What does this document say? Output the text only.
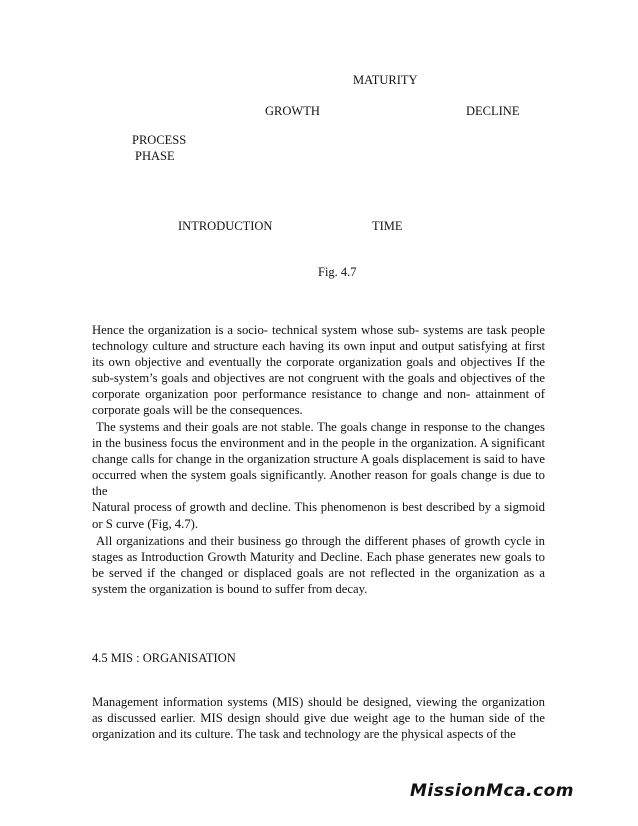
MATURITY
GROWTH	DECLINE
PROCESS
PHASE
INTRODUCTION	TIME
Fig. 4.7

Hence the organization is a socio- technical system whose sub- systems are task people technology culture and structure each having its own input and output satisfying at first its own objective and eventually the corporate organization goals and objectives If the sub-system’s goals and objectives are not congruent with the goals and objectives of the corporate organization poor performance resistance to change and non- attainment of corporate goals will be the consequences.

The systems and their goals are not stable. The goals change in response to the changes in the business focus the environment and in the people in the organization. A significant change calls for change in the organization structure A goals displacement is said to have occurred when the system goals significantly. Another reason for goals change is due to the
Natural process of growth and decline. This phenomenon is best described by a sigmoid or S curve (Fig, 4.7).

All organizations and their business go through the different phases of growth cycle in stages as Introduction Growth Maturity and Decline. Each phase generates new goals to be served if the changed or displaced goals are not reflected in the organization as a system the organization is bound to suffer from decay.

4.5 MIS : ORGANISATION

Management information systems (MIS) should be designed, viewing the organization as discussed earlier. MIS design should give due weight age to the human side of the organization and its culture. The task and technology are the physical aspects of the

MissionMca.com
